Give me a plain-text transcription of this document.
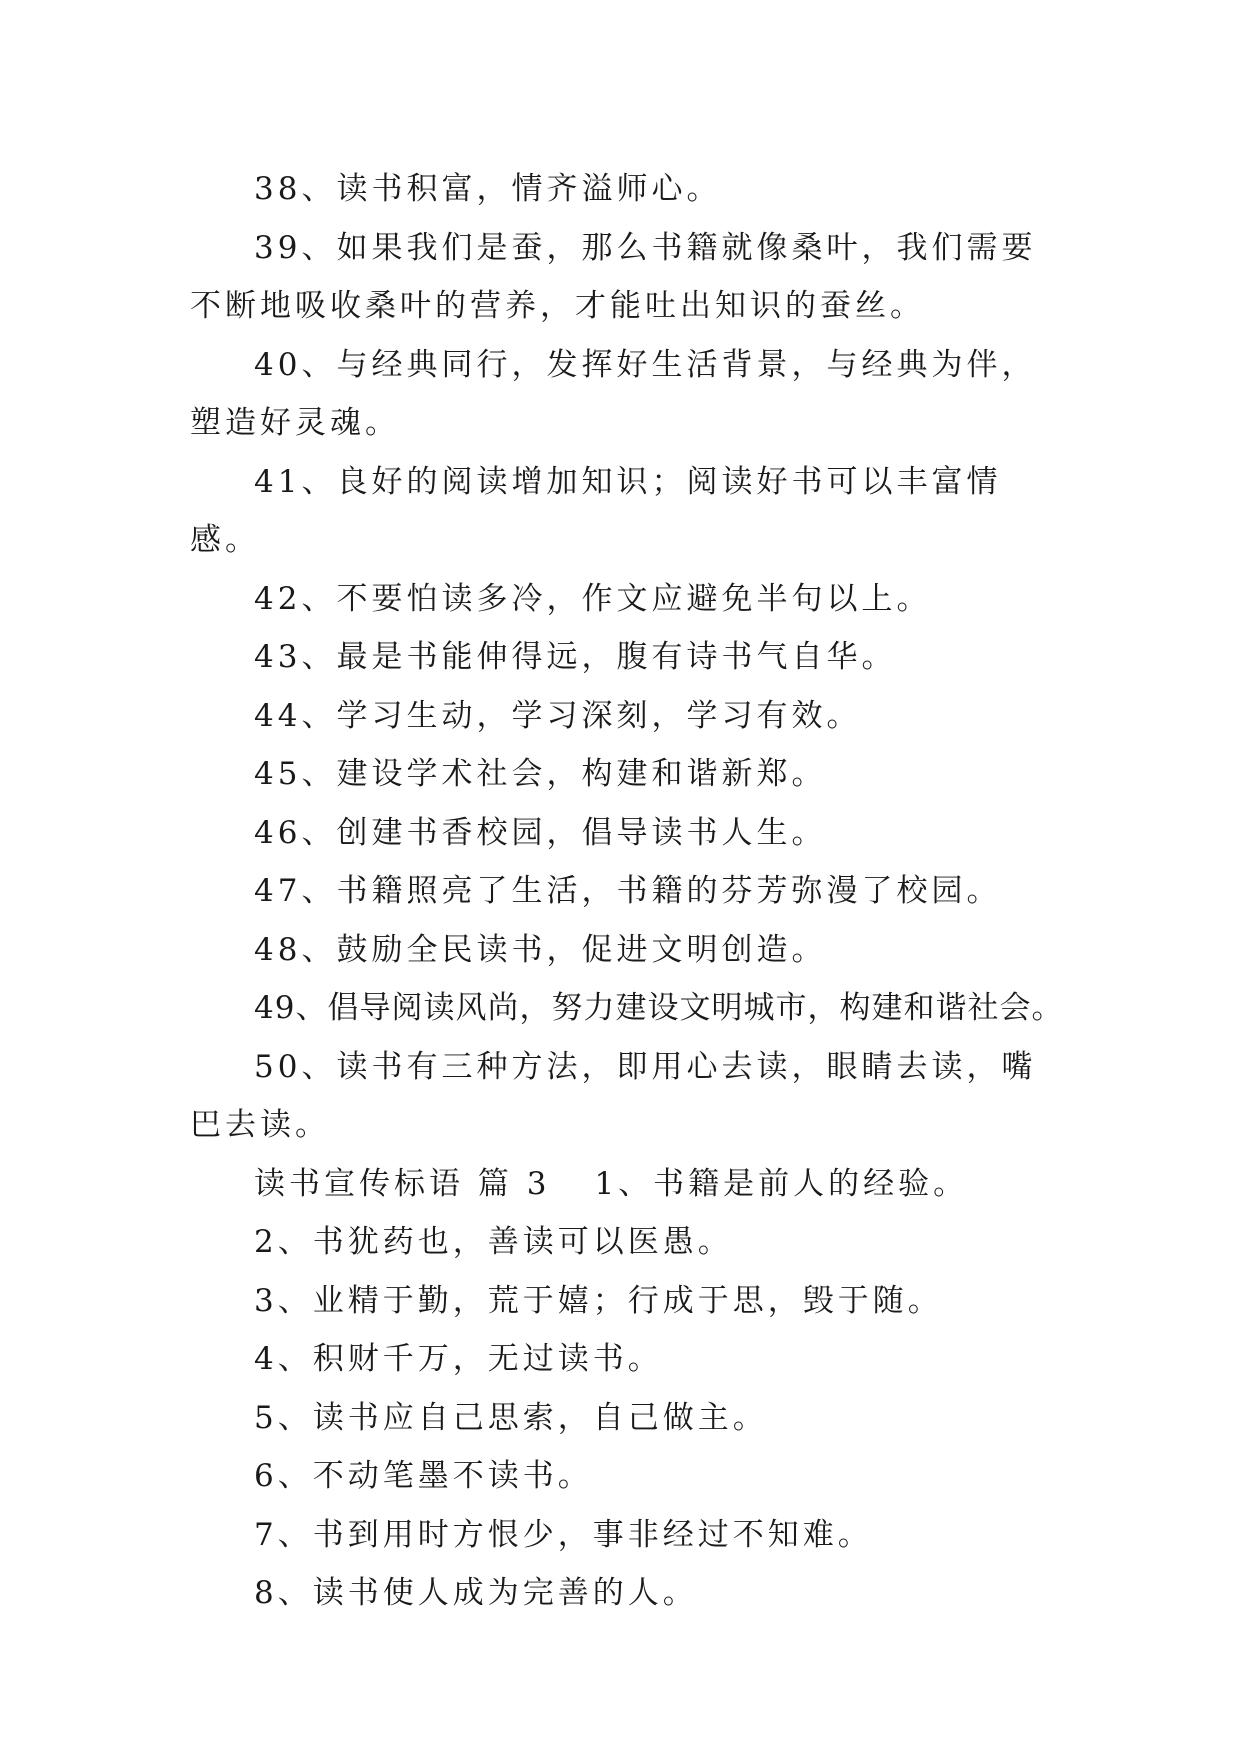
38、读书积富，情齐溢师心。

39、如果我们是蚕，那么书籍就像桑叶，我们需要不断地吸收桑叶的营养，才能吐出知识的蚕丝。

40、与经典同行，发挥好生活背景，与经典为伴，塑造好灵魂。

41、良好的阅读增加知识；阅读好书可以丰富情感。

42、不要怕读多冷，作文应避免半句以上。

43、最是书能伸得远，腹有诗书气自华。

44、学习生动，学习深刻，学习有效。

45、建设学术社会，构建和谐新郑。

46、创建书香校园，倡导读书人生。

47、书籍照亮了生活，书籍的芬芳弥漫了校园。

48、鼓励全民读书，促进文明创造。

49、倡导阅读风尚，努力建设文明城市，构建和谐社会。

50、读书有三种方法，即用心去读，眼睛去读，嘴巴去读。

读书宣传标语 篇 3 1、书籍是前人的经验。

2、书犹药也，善读可以医愚。

3、业精于勤，荒于嬉；行成于思，毁于随。

4、积财千万，无过读书。

5、读书应自己思索，自己做主。

6、不动笔墨不读书。

7、书到用时方恨少，事非经过不知难。

8、读书使人成为完善的人。
